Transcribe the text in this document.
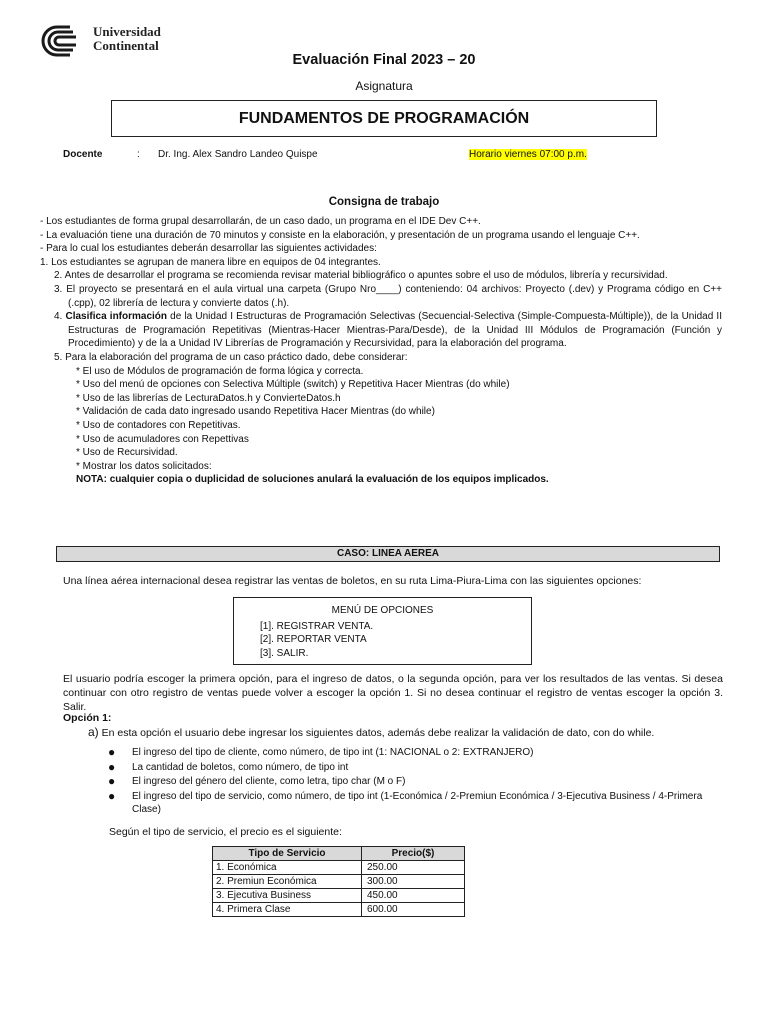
Universidad
Continental
Evaluación Final 2023 – 20
Asignatura
FUNDAMENTOS DE PROGRAMACIÓN
Docente	: Dr. Ing. Alex Sandro Landeo Quispe	Horario viernes 07:00 p.m.
Consigna de trabajo

- Los estudiantes de forma grupal desarrollarán, de un caso dado, un programa en el IDE Dev C++.

- La evaluación tiene una duración de 70 minutos y consiste en la elaboración, y presentación de un programa usando el lenguaje C++.

- Para lo cual los estudiantes deberán desarrollar las siguientes actividades:

1. Los estudiantes se agrupan de manera libre en equipos de 04 integrantes.

2. Antes de desarrollar el programa se recomienda revisar material bibliográfico o apuntes sobre el uso de módulos, librería y recursividad.

3. El proyecto se presentará en el aula virtual una carpeta (Grupo Nro____) conteniendo: 04 archivos: Proyecto (.dev) y Programa código en C++ (.cpp), 02 librería de lectura y convierte datos (.h).

4. Clasifica información de la Unidad I Estructuras de Programación Selectivas (Secuencial-Selectiva (Simple-Compuesta-Múltiple)), de la Unidad II Estructuras de Programación Repetitivas (Mientras-Hacer Mientras-Para/Desde), de la Unidad III Módulos de Programación (Función y Procedimiento) y de la a Unidad IV Librerías de Programación y Recursividad, para la elaboración del programa.

5. Para la elaboración del programa de un caso práctico dado, debe considerar:

* El uso de Módulos de programación de forma lógica y correcta.

* Uso del menú de opciones con Selectiva Múltiple (switch) y Repetitiva Hacer Mientras (do while)

* Uso de las librerías de LecturaDatos.h y ConvierteDatos.h

* Validación de cada dato ingresado usando Repetitiva Hacer Mientras (do while)

* Uso de contadores con Repetitivas.

* Uso de acumuladores con Repettivas

* Uso de Recursividad.

* Mostrar los datos solicitados:

NOTA: cualquier copia o duplicidad de soluciones anulará la evaluación de los equipos implicados.

CASO: LINEA AEREA
Una línea aérea internacional desea registrar las ventas de boletos, en su ruta Lima-Piura-Lima con las siguientes opciones:
MENÚ DE OPCIONES
[1]. REGISTRAR VENTA.
[2]. REPORTAR VENTA
[3]. SALIR.
El usuario podría escoger la primera opción, para el ingreso de datos, o la segunda opción, para ver los resultados de las ventas. Si desea continuar con otro registro de ventas puede volver a escoger la opción 1. Si no desea continuar el registro de ventas escoger la opción 3. Salir.
Opción 1:
a) En esta opción el usuario debe ingresar los siguientes datos, además debe realizar la validación de dato, con do while.
● El ingreso del tipo de cliente, como número, de tipo int (1: NACIONAL o 2: EXTRANJERO)
● La cantidad de boletos, como número, de tipo int
● El ingreso del género del cliente, como letra, tipo char (M o F)
● El ingreso del tipo de servicio, como número, de tipo int (1-Económica / 2-Premiun Económica / 3-Ejecutiva Business / 4-Primera Clase)
Según el tipo de servicio, el precio es el siguiente:
Tipo de Servicio	Precio($)
1. Económica	250.00
2. Premiun Económica	300.00
3. Ejecutiva Business	450.00
4. Primera Clase	600.00
